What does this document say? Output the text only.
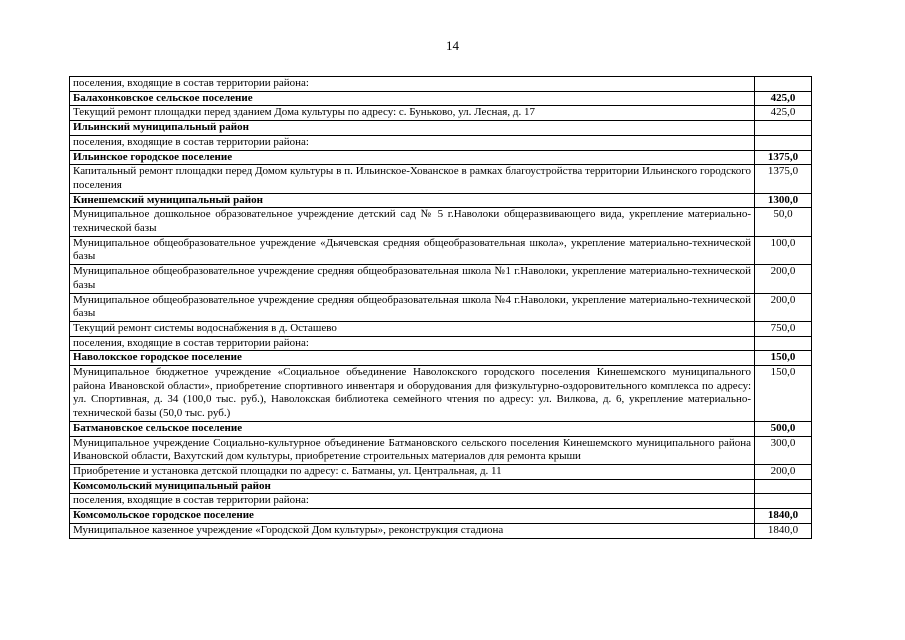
14
поселения, входящие в состав территории района:	
Балахонковское сельское поселение	425,0
Текущий ремонт площадки перед зданием Дома культуры по адресу: с. Буньково, ул. Лесная, д. 17	425,0
Ильинский муниципальный район	
поселения, входящие в состав территории района:	
Ильинское городское поселение	1375,0
Капитальный ремонт площадки перед Домом культуры в п. Ильинское-Хованское в рамках благоустройства территории Ильинского городского поселения	1375,0
Кинешемский муниципальный район	1300,0
Муниципальное дошкольное образовательное учреждение детский сад № 5 г.Наволоки общеразвивающего вида, укрепление материально-технической базы	50,0
Муниципальное общеобразовательное учреждение «Дьячевская средняя общеобразовательная школа», укрепление материально-технической базы	100,0
Муниципальное общеобразовательное учреждение средняя общеобразовательная школа №1 г.Наволоки, укрепление материально-технической базы	200,0
Муниципальное общеобразовательное учреждение средняя общеобразовательная школа №4 г.Наволоки, укрепление материально-технической базы	200,0
Текущий ремонт системы водоснабжения в д. Осташево	750,0
поселения, входящие в состав территории района:	
Наволокское городское поселение	150,0
Муниципальное бюджетное учреждение «Социальное объединение Наволокского городского поселения Кинешемского муниципального района Ивановской области», приобретение спортивного инвентаря и оборудования для физкультурно-оздоровительного комплекса по адресу: ул. Спортивная, д. 34 (100,0 тыс. руб.), Наволокская библиотека семейного чтения по адресу: ул. Вилкова, д. 6, укрепление материально-технической базы (50,0 тыс. руб.)	150,0
Батмановское сельское поселение	500,0
Муниципальное учреждение Социально-культурное объединение Батмановского сельского поселения Кинешемского муниципального района Ивановской области, Вахутский дом культуры, приобретение строительных материалов для ремонта крыши	300,0
Приобретение и установка детской площадки по адресу: с. Батманы, ул. Центральная, д. 11	200,0
Комсомольский муниципальный район	
поселения, входящие в состав территории района:	
Комсомольское городское поселение	1840,0
Муниципальное казенное учреждение «Городской Дом культуры», реконструкция стадиона	1840,0
